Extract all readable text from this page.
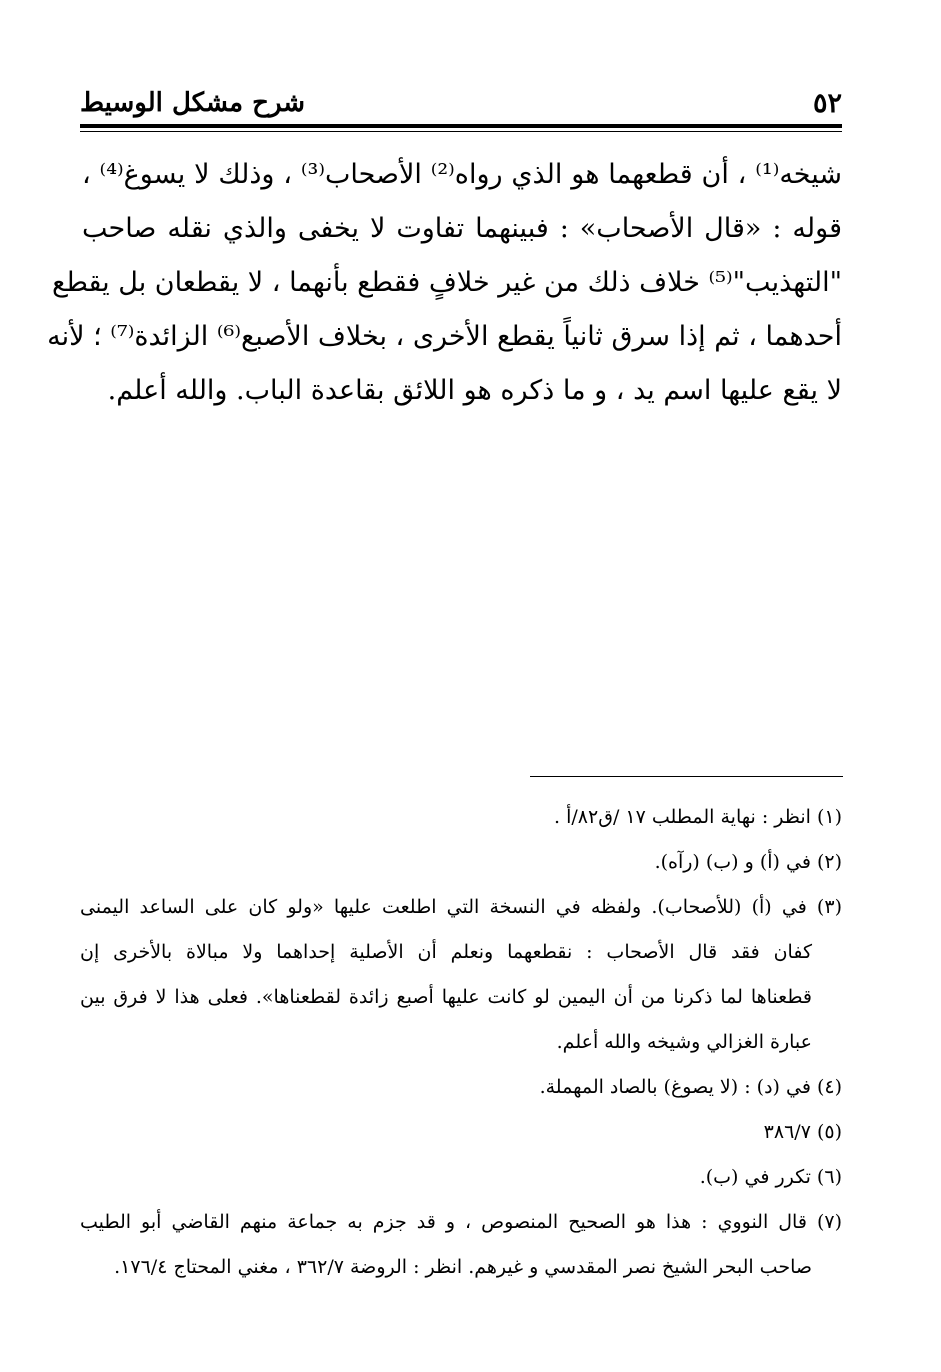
٥٢
شرح مشكل الوسيط
شيخه⁽¹⁾ ، أن قطعهما هو الذي رواه⁽²⁾ الأصحاب⁽³⁾ ، وذلك لا يسوغ⁽⁴⁾ ،
قوله : «قال الأصحاب» : فبينهما تفاوت لا يخفى والذي نقله صاحب
"التهذيب"⁽⁵⁾ خلاف ذلك من غير خلافٍ فقطع بأنهما ، لا يقطعان بل يقطع
أحدهما ، ثم إذا سرق ثانياً يقطع الأخرى ، بخلاف الأصبع⁽⁶⁾ الزائدة⁽⁷⁾ ؛ لأنه
لا يقع عليها اسم يد ، و ما ذكره هو اللائق بقاعدة الباب. والله أعلم.
(١) انظر : نهاية المطلب ١٧ /ق٨٢/أ .
(٢) في (أ) و (ب) (رآه).
(٣) في (أ) (للأصحاب). ولفظه في النسخة التي اطلعت عليها «ولو كان على الساعد اليمنى
كفان فقد قال الأصحاب : نقطعهما ونعلم أن الأصلية إحداهما ولا مبالاة بالأخرى إن
قطعناها لما ذكرنا من أن اليمين لو كانت عليها أصبع زائدة لقطعناها». فعلى هذا لا فرق بين
عبارة الغزالي وشيخه والله أعلم.
(٤) في (د) : (لا يصوغ) بالصاد المهملة.
(٥) ٣٨٦/٧
(٦) تكرر في (ب).
(٧) قال النووي : هذا هو الصحيح المنصوص ، و قد جزم به جماعة منهم القاضي أبو الطيب
صاحب البحر الشيخ نصر المقدسي و غيرهم. انظر : الروضة ٣٦٢/٧ ، مغني المحتاج ١٧٦/٤.
